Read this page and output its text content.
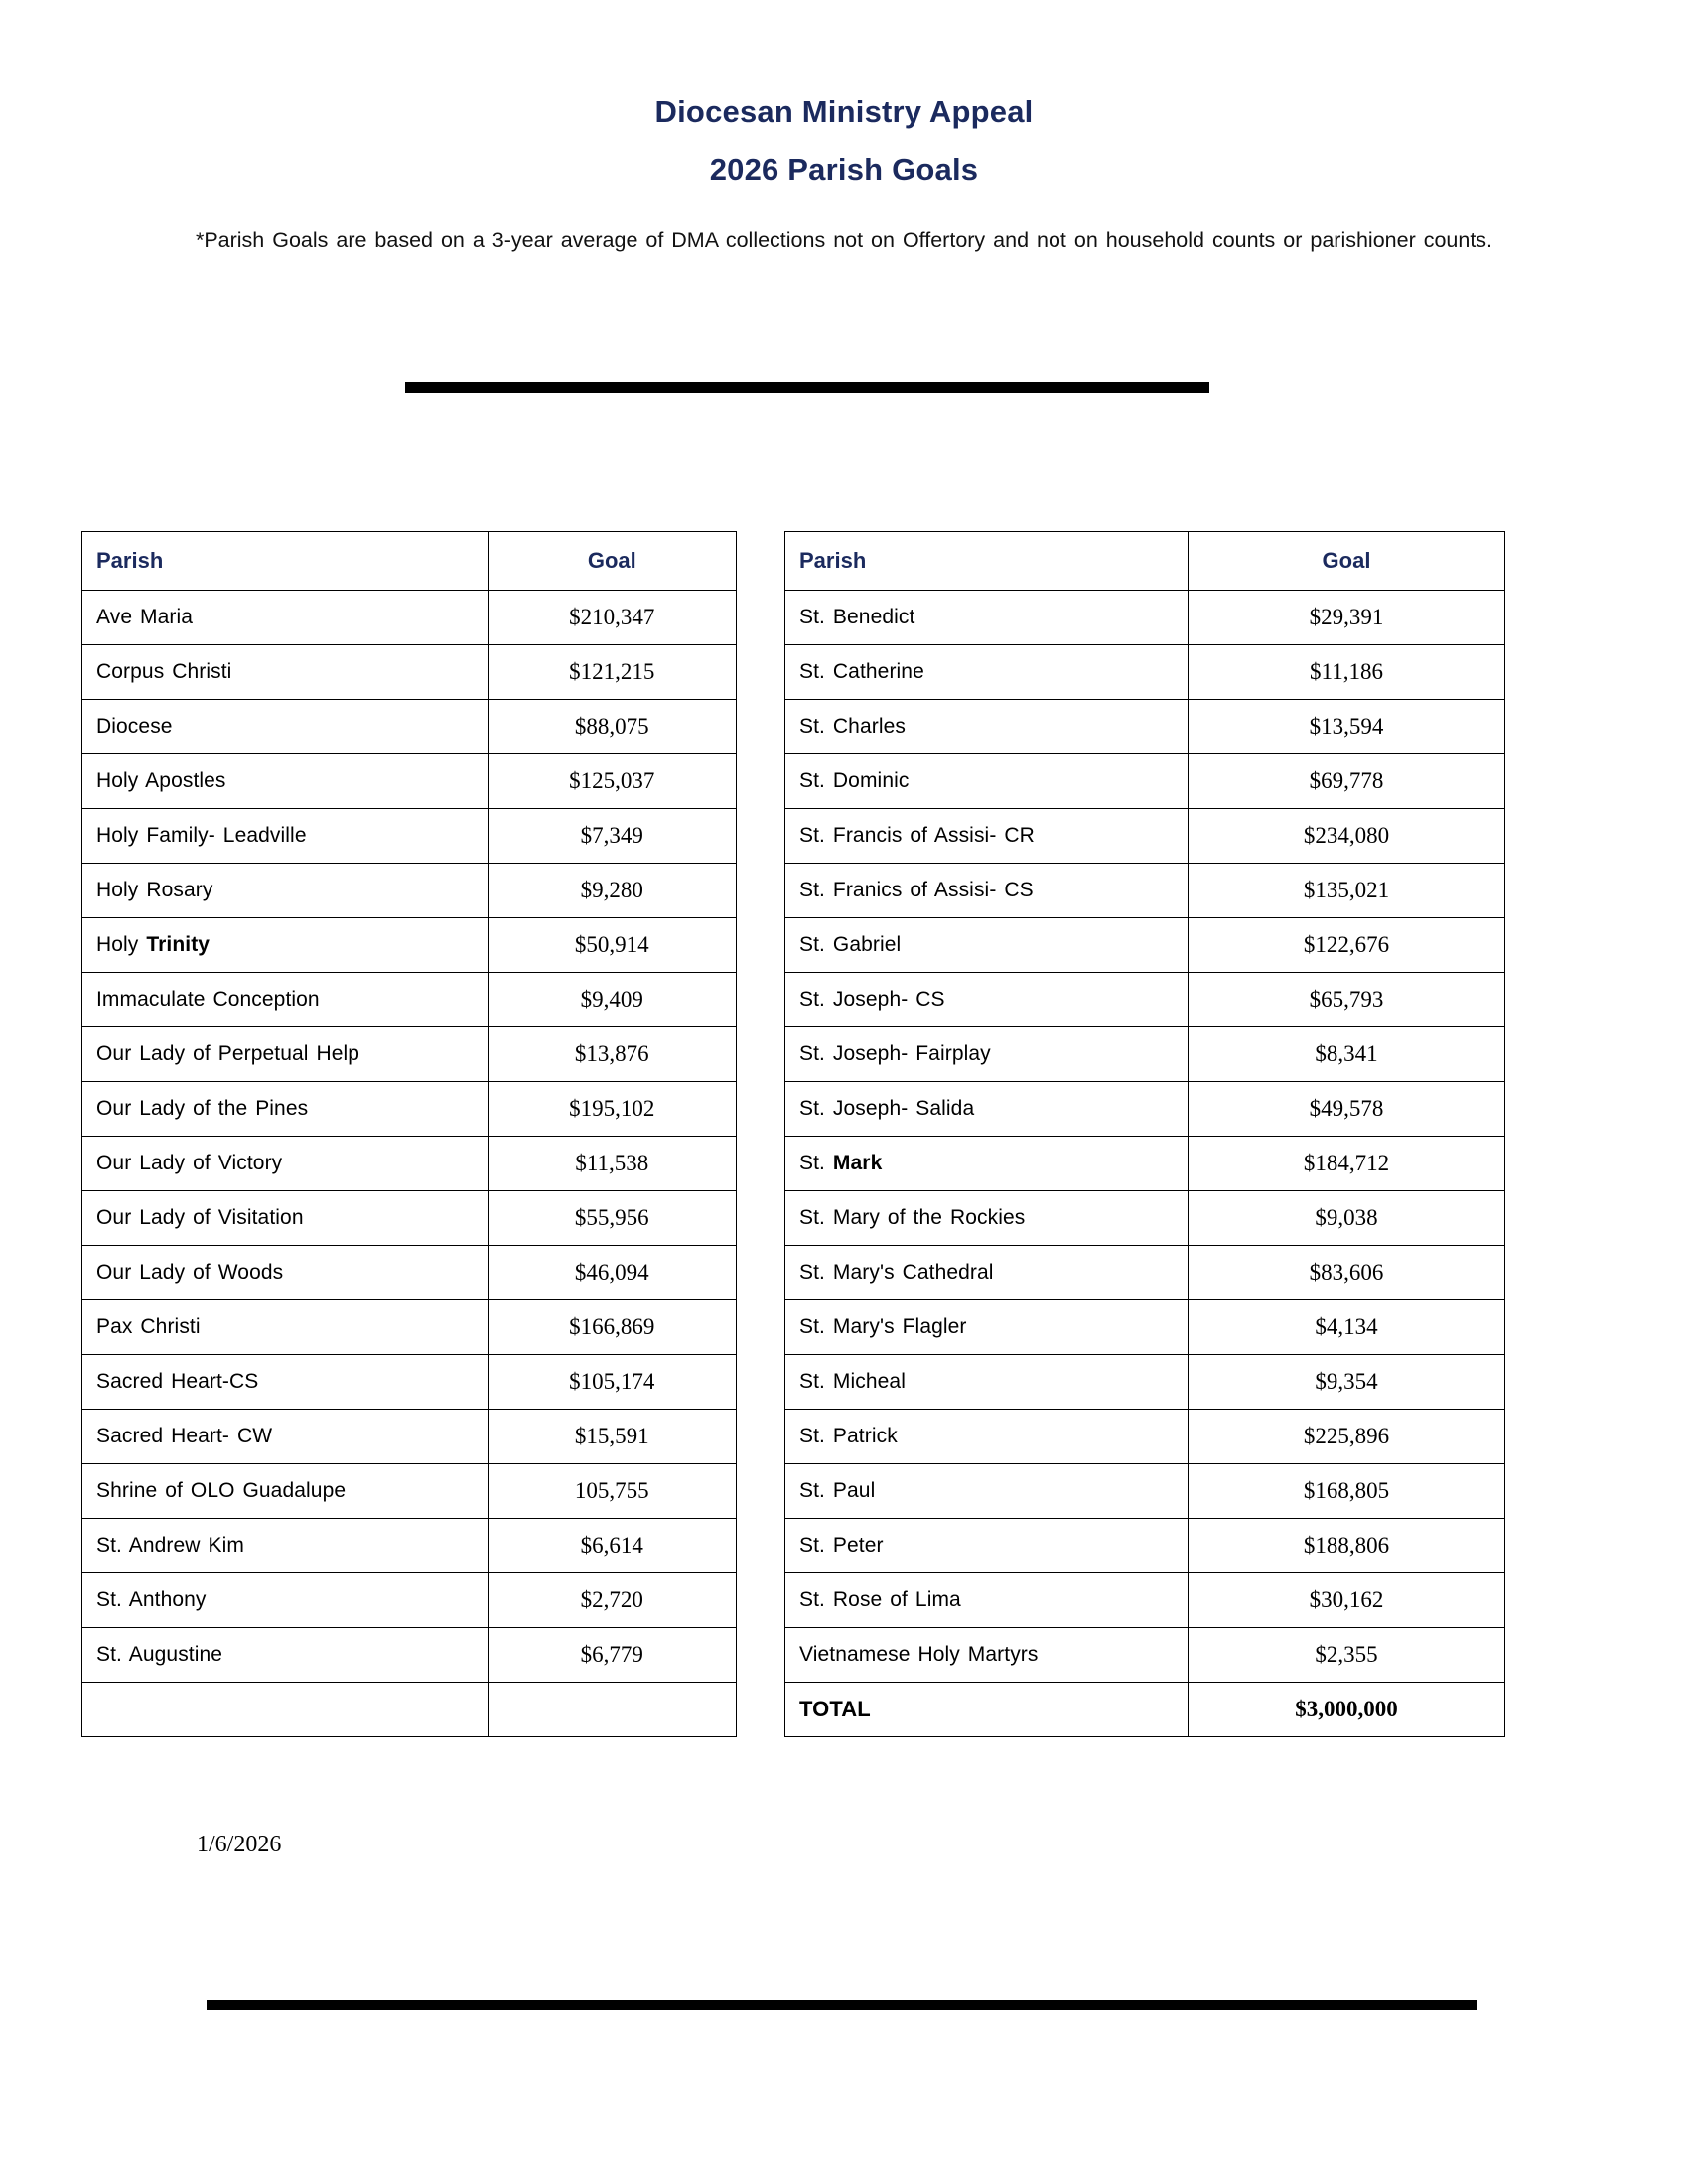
Diocesan Ministry Appeal
2026 Parish Goals
*Parish Goals are based on a 3-year average of DMA collections not on Offertory and not on household counts or parishioner counts.
Parish	Goal
Ave Maria	$210,347
Corpus Christi	$121,215
Diocese	$88,075
Holy Apostles	$125,037
Holy Family- Leadville	$7,349
Holy Rosary	$9,280
Holy Trinity	$50,914
Immaculate Conception	$9,409
Our Lady of Perpetual Help	$13,876
Our Lady of the Pines	$195,102
Our Lady of Victory	$11,538
Our Lady of Visitation	$55,956
Our Lady of Woods	$46,094
Pax Christi	$166,869
Sacred Heart-CS	$105,174
Sacred Heart- CW	$15,591
Shrine of OLO Guadalupe	105,755
St. Andrew Kim	$6,614
St. Anthony	$2,720
St. Augustine	$6,779

Parish	Goal
St. Benedict	$29,391
St. Catherine	$11,186
St. Charles	$13,594
St. Dominic	$69,778
St. Francis of Assisi- CR	$234,080
St. Franics of Assisi- CS	$135,021
St. Gabriel	$122,676
St. Joseph- CS	$65,793
St. Joseph- Fairplay	$8,341
St. Joseph- Salida	$49,578
St. Mark	$184,712
St. Mary of the Rockies	$9,038
St. Mary's Cathedral	$83,606
St. Mary's Flagler	$4,134
St. Micheal	$9,354
St. Patrick	$225,896
St. Paul	$168,805
St. Peter	$188,806
St. Rose of Lima	$30,162
Vietnamese Holy Martyrs	$2,355
TOTAL	$3,000,000
1/6/2026
